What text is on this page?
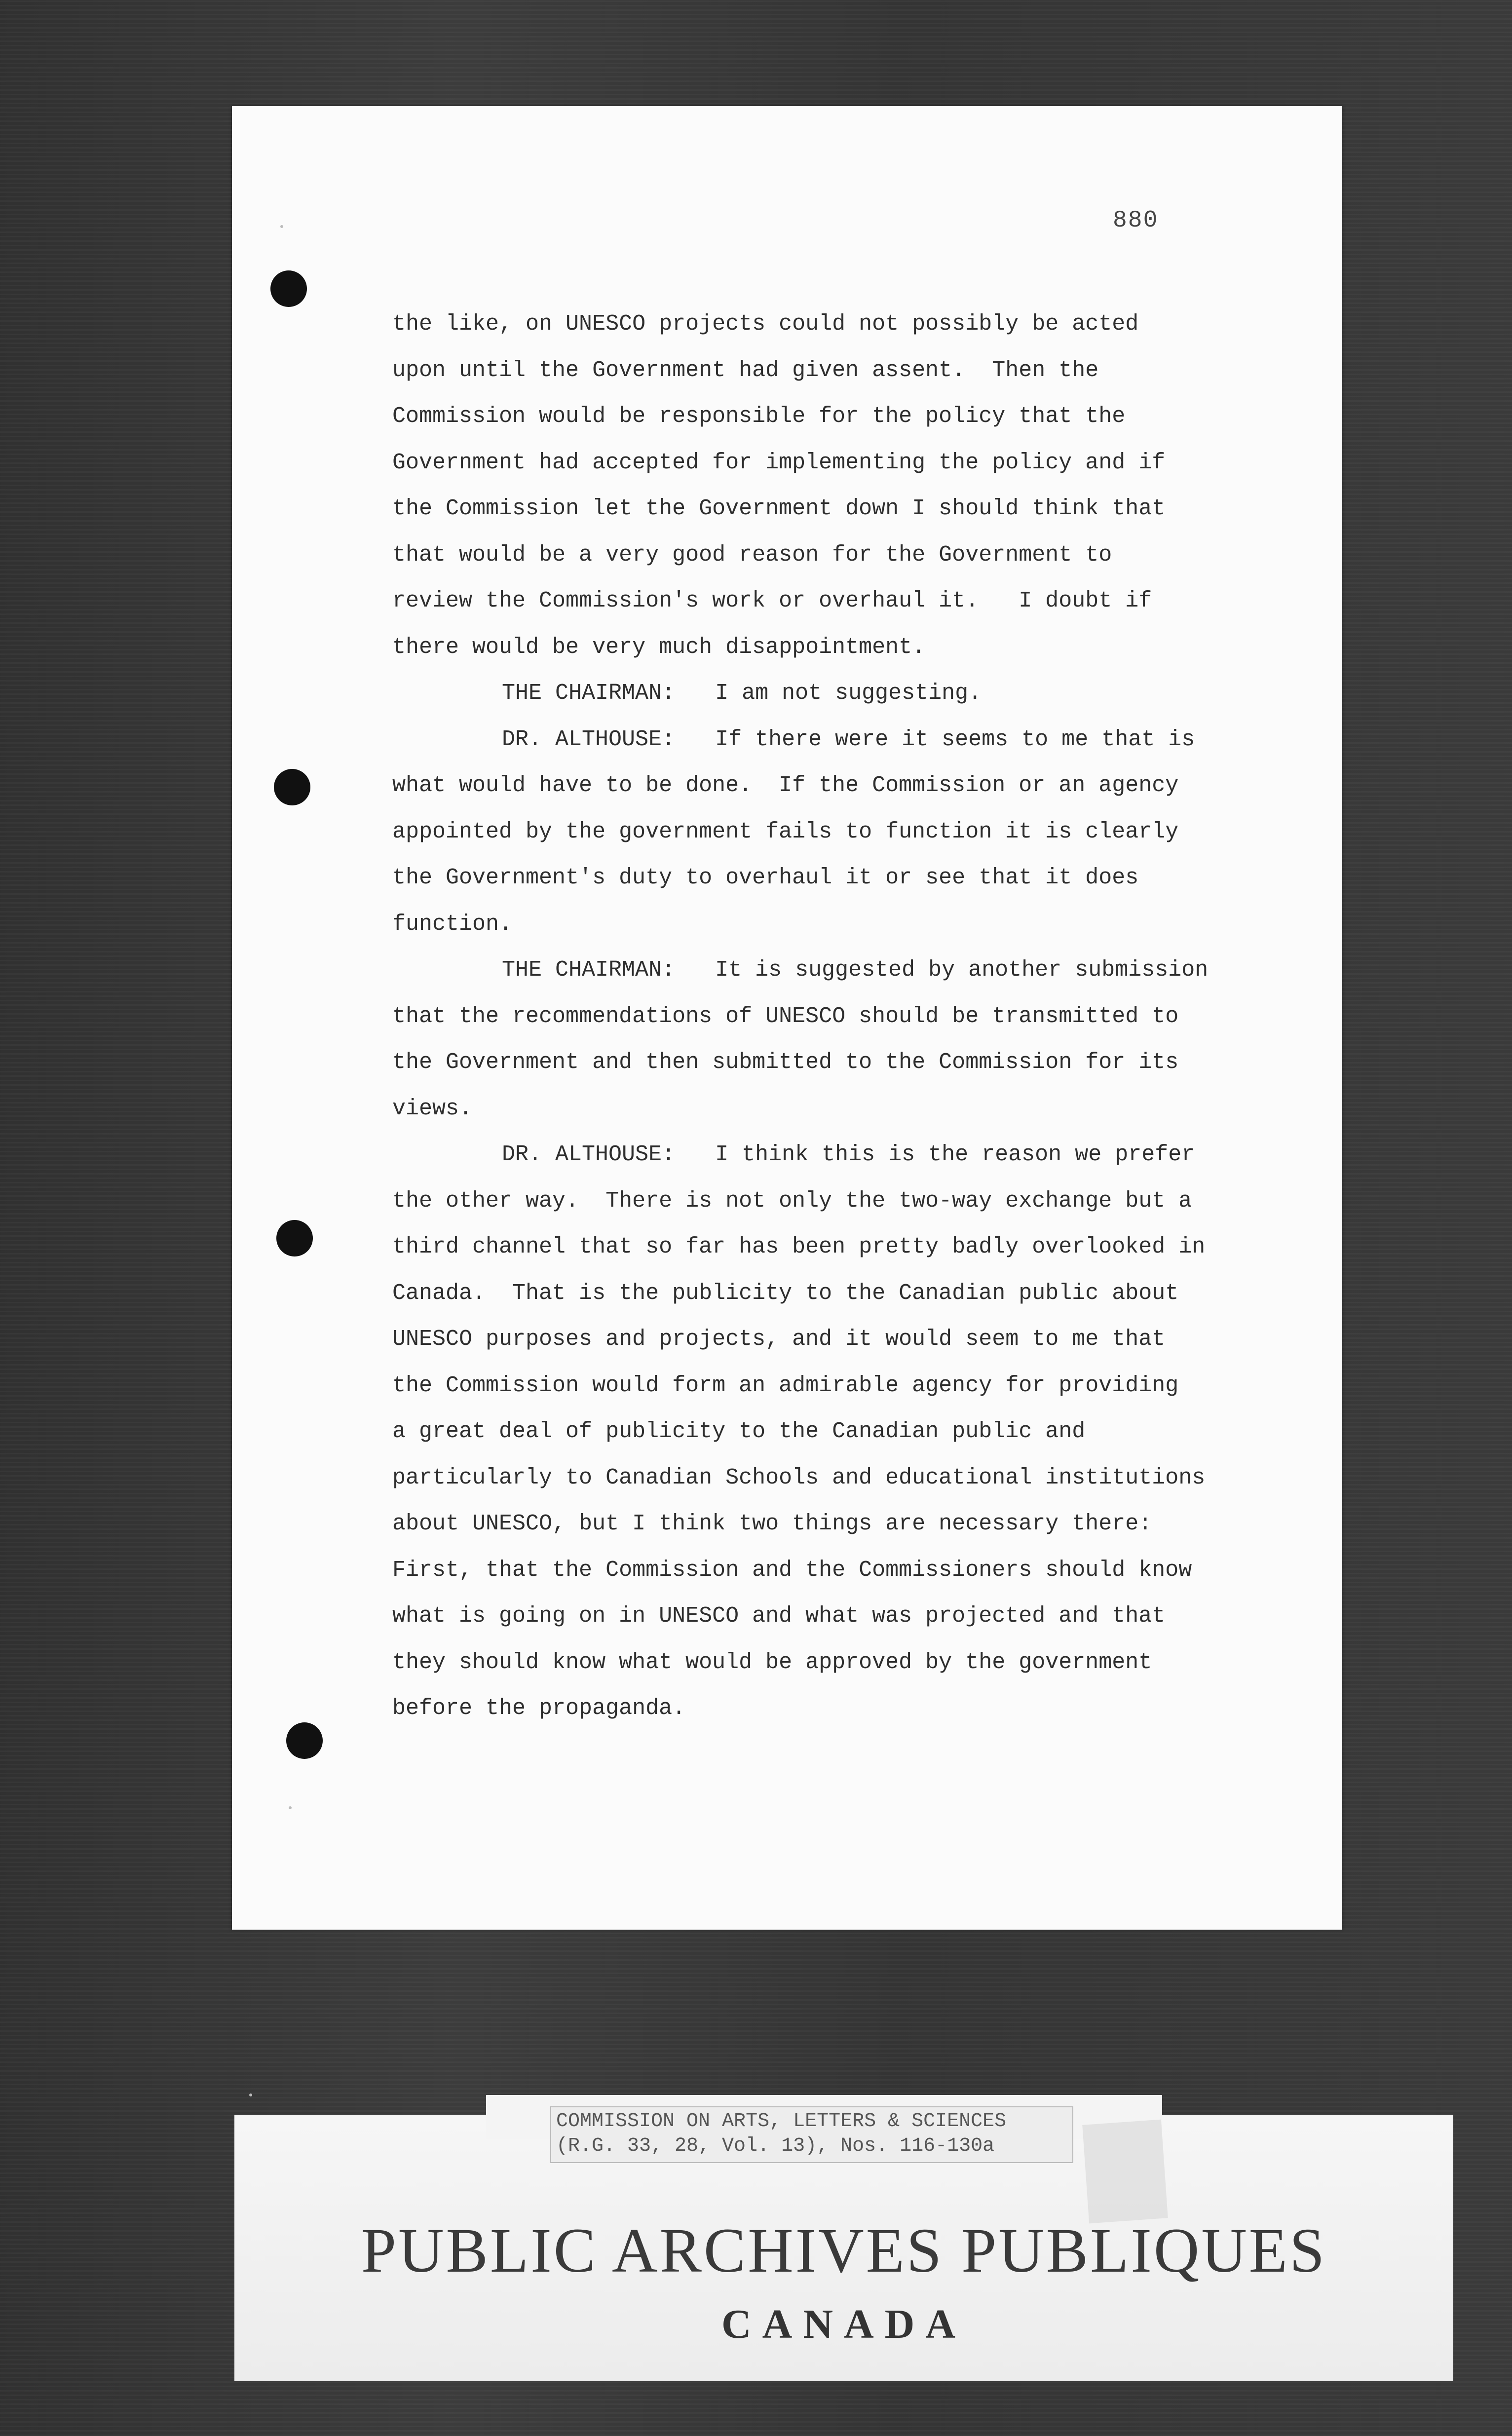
880

the like, on UNESCO projects could not possibly be acted
upon until the Government had given assent.  Then the
Commission would be responsible for the policy that the
Government had accepted for implementing the policy and if
the Commission let the Government down I should think that
that would be a very good reason for the Government to
review the Commission's work or overhaul it.   I doubt if
there would be very much disappointment.

THE CHAIRMAN:   I am not suggesting.

DR. ALTHOUSE:   If there were it seems to me that is
what would have to be done.  If the Commission or an agency
appointed by the government fails to function it is clearly
the Government's duty to overhaul it or see that it does
function.

THE CHAIRMAN:   It is suggested by another submission
that the recommendations of UNESCO should be transmitted to
the Government and then submitted to the Commission for its
views.

DR. ALTHOUSE:   I think this is the reason we prefer
the other way.  There is not only the two-way exchange but a
third channel that so far has been pretty badly overlooked in
Canada.  That is the publicity to the Canadian public about
UNESCO purposes and projects, and it would seem to me that
the Commission would form an admirable agency for providing
a great deal of publicity to the Canadian public and
particularly to Canadian Schools and educational institutions
about UNESCO, but I think two things are necessary there:
First, that the Commission and the Commissioners should know
what is going on in UNESCO and what was projected and that
they should know what would be approved by the government
before the propaganda.

COMMISSION ON ARTS, LETTERS & SCIENCES
(R.G. 33, 28, Vol. 13), Nos. 116-130a
PUBLIC ARCHIVES PUBLIQUES
CANADA
